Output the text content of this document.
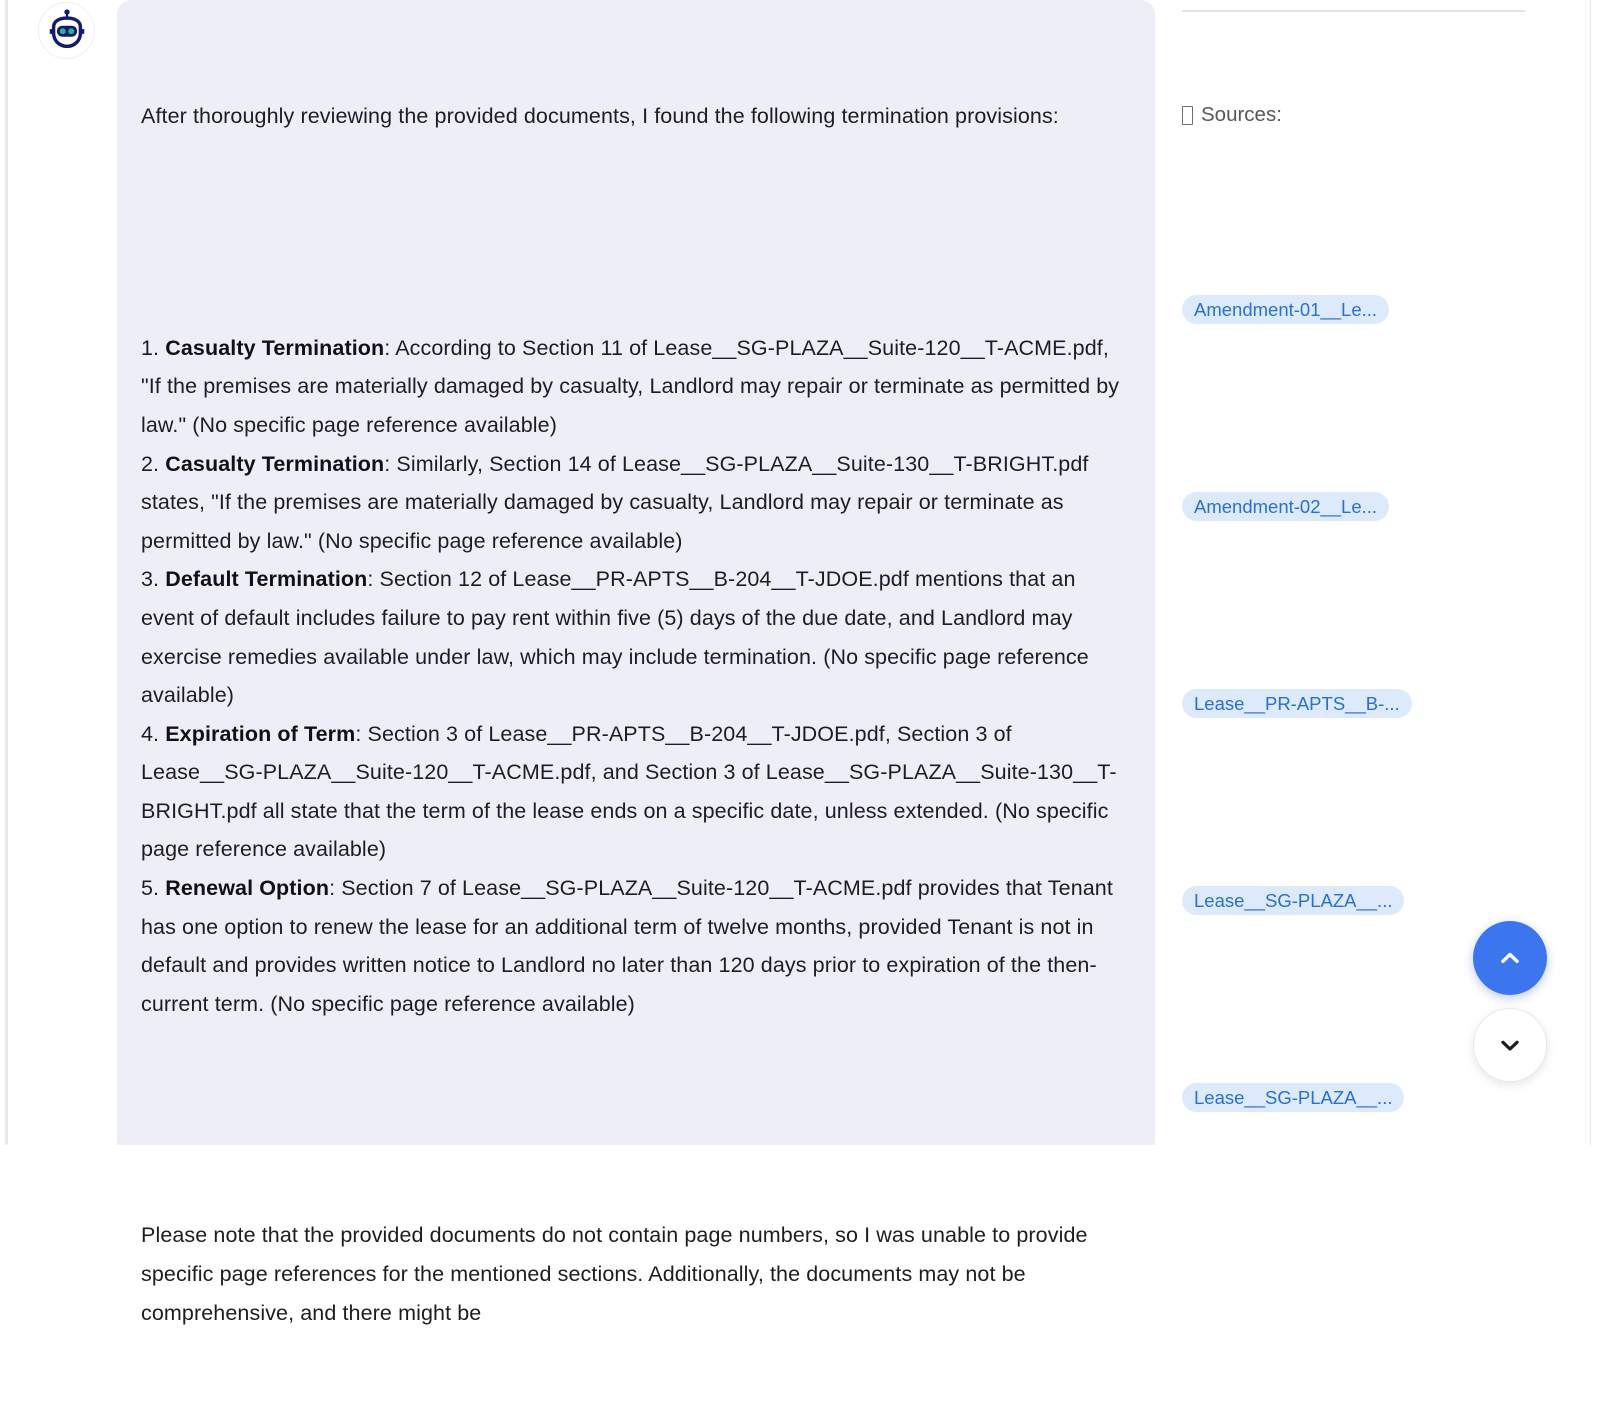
After thoroughly reviewing the provided documents, I found the following termination provisions:

1. Casualty Termination: According to Section 11 of Lease__SG-PLAZA__Suite-120__T-ACME.pdf, "If the premises are materially damaged by casualty, Landlord may repair or terminate as permitted by law." (No specific page reference available)
2. Casualty Termination: Similarly, Section 14 of Lease__SG-PLAZA__Suite-130__T-BRIGHT.pdf states, "If the premises are materially damaged by casualty, Landlord may repair or terminate as permitted by law." (No specific page reference available)
3. Default Termination: Section 12 of Lease__PR-APTS__B-204__T-JDOE.pdf mentions that an event of default includes failure to pay rent within five (5) days of the due date, and Landlord may exercise remedies available under law, which may include termination. (No specific page reference available)
4. Expiration of Term: Section 3 of Lease__PR-APTS__B-204__T-JDOE.pdf, Section 3 of Lease__SG-PLAZA__Suite-120__T-ACME.pdf, and Section 3 of Lease__SG-PLAZA__Suite-130__T-BRIGHT.pdf all state that the term of the lease ends on a specific date, unless extended. (No specific page reference available)
5. Renewal Option: Section 7 of Lease__SG-PLAZA__Suite-120__T-ACME.pdf provides that Tenant has one option to renew the lease for an additional term of twelve months, provided Tenant is not in default and provides written notice to Landlord no later than 120 days prior to expiration of the then-current term. (No specific page reference available)

Please note that the provided documents do not contain page numbers, so I was unable to provide specific page references for the mentioned sections. Additionally, the documents may not be comprehensive, and there might be

Sources:
Amendment-01__Le...
Amendment-02__Le...
Lease__PR-APTS__B-...
Lease__SG-PLAZA__...
Lease__SG-PLAZA__...
